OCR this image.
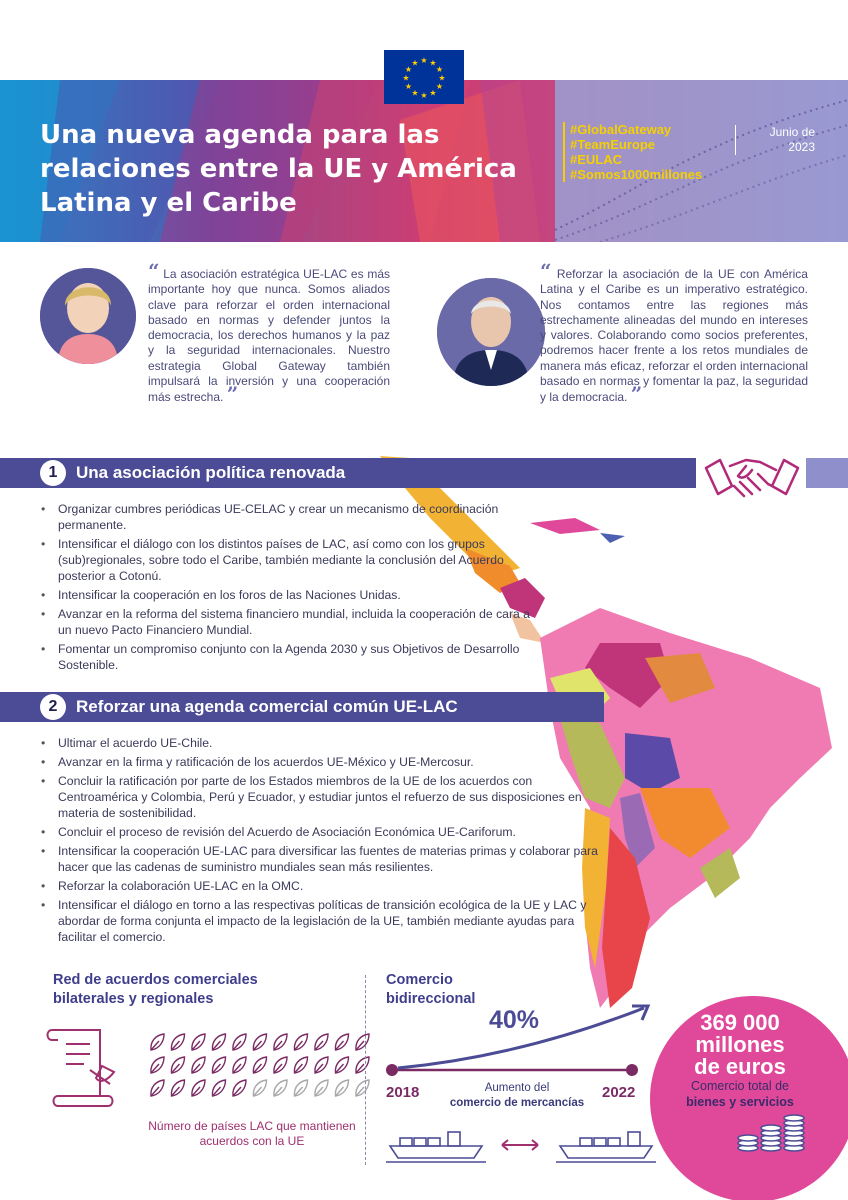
★ ★
★
★
★
★
★
★
★
★
★
★
Una nueva agenda para las relaciones entre la UE y América Latina y el Caribe
#GlobalGateway
#TeamEurope
#EULAC
#Somos1000millones
Junio de 2023
“ La asociación estratégica UE-LAC es más importante hoy que nunca. Somos aliados clave para reforzar el orden internacional basado en normas y defender juntos la democracia, los derechos humanos y la paz y la seguridad internacionales. Nuestro estrategia Global Gateway también impulsará la inversión y una cooperación más estrecha. ”
“ Reforzar la asociación de la UE con América Latina y el Caribe es un imperativo estratégico. Nos contamos entre las regiones más estrechamente alineadas del mundo en intereses y valores. Colaborando como socios preferentes, podremos hacer frente a los retos mundiales de manera más eficaz, reforzar el orden internacional basado en normas y fomentar la paz, la seguridad y la democracia. ”
1	Una asociación política renovada
• Organizar cumbres periódicas UE-CELAC y crear un mecanismo de coordinación permanente.
• Intensificar el diálogo con los distintos países de LAC, así como con los grupos (sub)regionales, sobre todo el Caribe, también mediante la conclusión del Acuerdo posterior a Cotonú.
• Intensificar la cooperación en los foros de las Naciones Unidas.
• Avanzar en la reforma del sistema financiero mundial, incluida la cooperación de cara a un nuevo Pacto Financiero Mundial.
• Fomentar un compromiso conjunto con la Agenda 2030 y sus Objetivos de Desarrollo Sostenible.
2	Reforzar una agenda comercial común UE-LAC
• Ultimar el acuerdo UE-Chile.
• Avanzar en la firma y ratificación de los acuerdos UE-México y UE-Mercosur.
• Concluir la ratificación por parte de los Estados miembros de la UE de los acuerdos con Centroamérica y Colombia, Perú y Ecuador, y estudiar juntos el refuerzo de sus disposiciones en materia de sostenibilidad.
• Concluir el proceso de revisión del Acuerdo de Asociación Económica UE-Cariforum.
• Intensificar la cooperación UE-LAC para diversificar las fuentes de materias primas y colaborar para hacer que las cadenas de suministro mundiales sean más resilientes.
• Reforzar la colaboración UE-LAC en la OMC.
• Intensificar el diálogo en torno a las respectivas políticas de transición ecológica de la UE y LAC y abordar de forma conjunta el impacto de la legislación de la UE, también mediante ayudas para facilitar el comercio.
Red de acuerdos comerciales bilaterales y regionales
Número de países LAC que mantienen acuerdos con la UE
Comercio bidireccional
40%
2018	2022
Aumento del
comercio de mercancías
369 000
millones
de euros
Comercio total de
bienes y servicios
